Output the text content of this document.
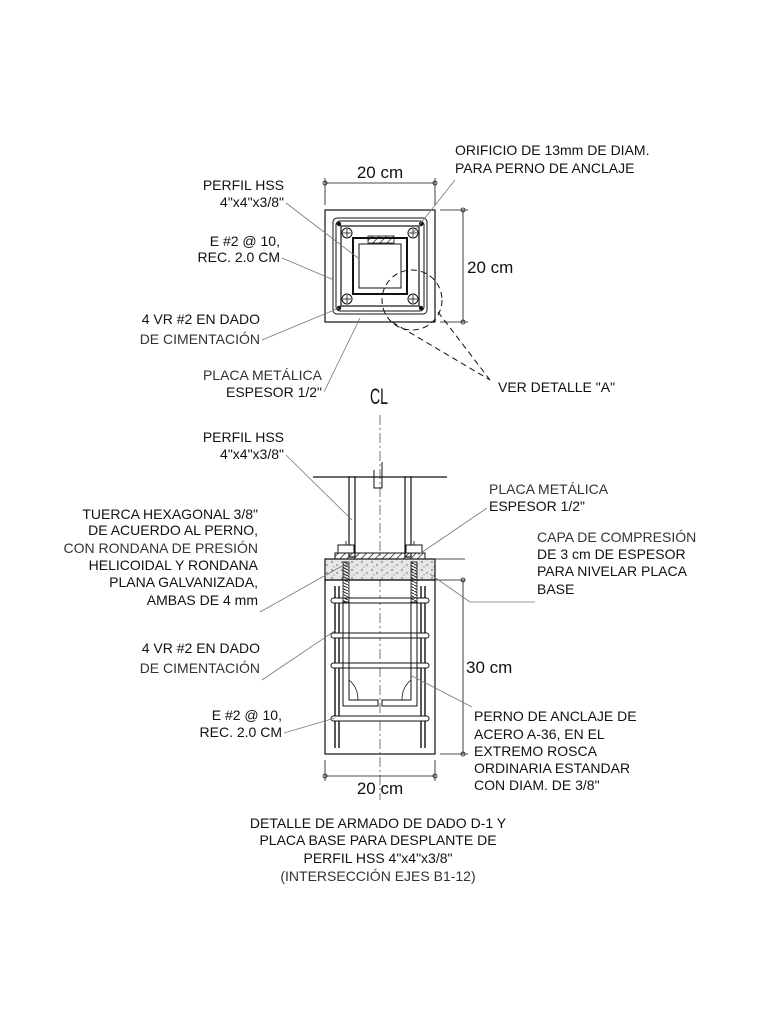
ORIFICIO DE 13mm DE DIAM.
PARA PERNO DE ANCLAJE
20 cm
20 cm
VER DETALLE "A"
PERFIL HSS
4"x4"x3/8"
E #2 @ 10,
REC. 2.0 CM
4 VR #2 EN DADO
DE CIMENTACIÓN
PLACA METÁLICA
ESPESOR 1/2" CL
30 cm
20 cm
PERFIL HSS
4"x4"x3/8"
TUERCA HEXAGONAL 3/8"
DE ACUERDO AL PERNO,
CON RONDANA DE PRESIÓN
HELICOIDAL Y RONDANA
PLANA GALVANIZADA,
AMBAS DE 4 mm
4 VR #2 EN DADO
DE CIMENTACIÓN
E #2 @ 10,
REC. 2.0 CM
PLACA METÁLICA
ESPESOR 1/2"
CAPA DE COMPRESIÓN
DE 3 cm DE ESPESOR
PARA NIVELAR PLACA
BASE
PERNO DE ANCLAJE DE
ACERO A-36, EN EL
EXTREMO ROSCA
ORDINARIA ESTANDAR
CON DIAM. DE 3/8"
DETALLE DE ARMADO DE DADO D-1 Y
PLACA BASE PARA DESPLANTE DE
PERFIL HSS 4"x4"x3/8"
(INTERSECCIÓN EJES B1-12)
